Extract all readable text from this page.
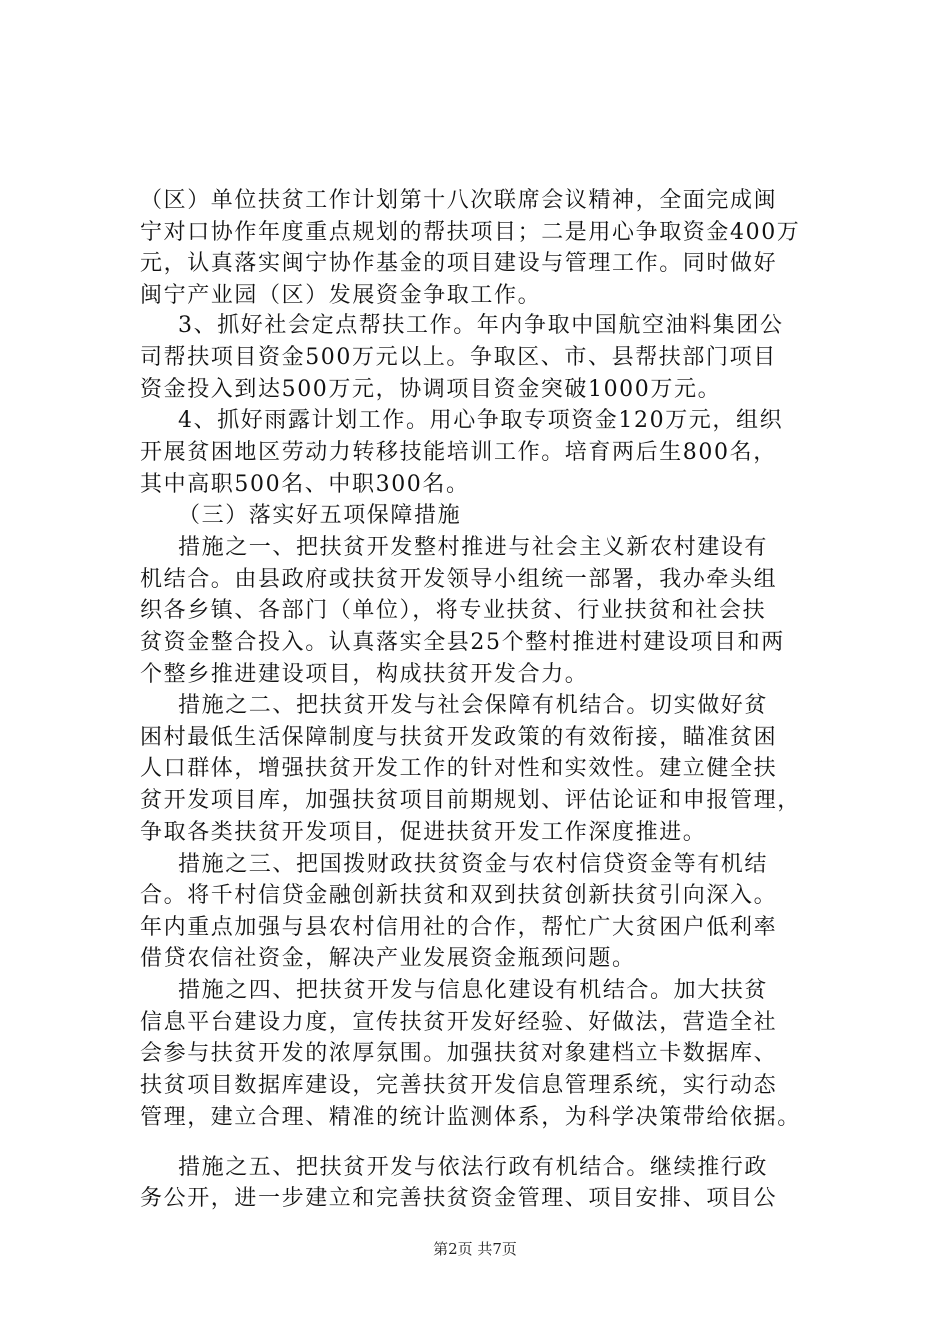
（区）单位扶贫工作计划第十八次联席会议精神，全面完成闽
宁对口协作年度重点规划的帮扶项目；二是用心争取资金400万
元，认真落实闽宁协作基金的项目建设与管理工作。同时做好
闽宁产业园（区）发展资金争取工作。
3、抓好社会定点帮扶工作。年内争取中国航空油料集团公
司帮扶项目资金500万元以上。争取区、市、县帮扶部门项目
资金投入到达500万元，协调项目资金突破1000万元。
4、抓好雨露计划工作。用心争取专项资金120万元，组织
开展贫困地区劳动力转移技能培训工作。培育两后生800名，
其中高职500名、中职300名。
（三）落实好五项保障措施
措施之一、把扶贫开发整村推进与社会主义新农村建设有
机结合。由县政府或扶贫开发领导小组统一部署，我办牵头组
织各乡镇、各部门（单位），将专业扶贫、行业扶贫和社会扶
贫资金整合投入。认真落实全县25个整村推进村建设项目和两
个整乡推进建设项目，构成扶贫开发合力。
措施之二、把扶贫开发与社会保障有机结合。切实做好贫
困村最低生活保障制度与扶贫开发政策的有效衔接，瞄准贫困
人口群体，增强扶贫开发工作的针对性和实效性。建立健全扶
贫开发项目库，加强扶贫项目前期规划、评估论证和申报管理，
争取各类扶贫开发项目，促进扶贫开发工作深度推进。
措施之三、把国拨财政扶贫资金与农村信贷资金等有机结
合。将千村信贷金融创新扶贫和双到扶贫创新扶贫引向深入。
年内重点加强与县农村信用社的合作，帮忙广大贫困户低利率
借贷农信社资金，解决产业发展资金瓶颈问题。
措施之四、把扶贫开发与信息化建设有机结合。加大扶贫
信息平台建设力度，宣传扶贫开发好经验、好做法，营造全社
会参与扶贫开发的浓厚氛围。加强扶贫对象建档立卡数据库、
扶贫项目数据库建设，完善扶贫开发信息管理系统，实行动态
管理，建立合理、精准的统计监测体系，为科学决策带给依据。
措施之五、把扶贫开发与依法行政有机结合。继续推行政
务公开，进一步建立和完善扶贫资金管理、项目安排、项目公
第2页 共7页
